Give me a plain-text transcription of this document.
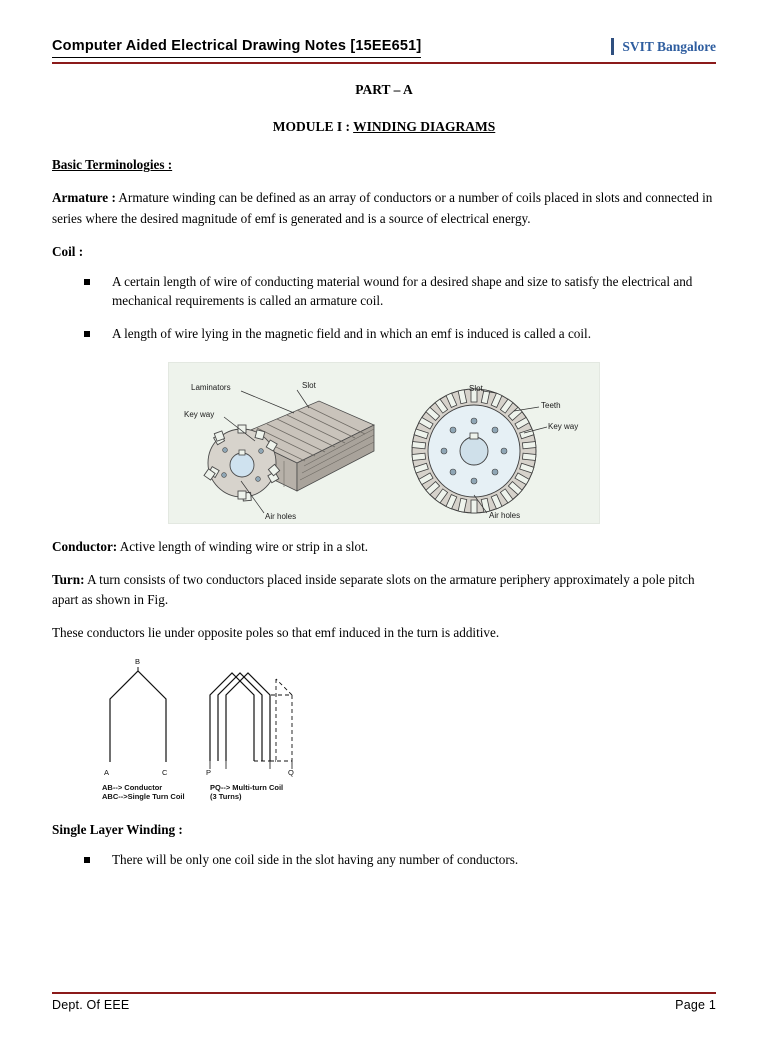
Computer Aided Electrical Drawing Notes [15EE651]	SVIT Bangalore
PART – A
MODULE I : WINDING DIAGRAMS
Basic Terminologies :

Armature : Armature winding can be defined as an array of conductors or a number of coils placed in slots and connected in series where the desired magnitude of emf is generated and is a source of electrical energy.

Coil :

A certain length of wire of conducting material wound for a desired shape and size to satisfy the electrical and mechanical requirements is called an armature coil.
A length of wire lying in the magnetic field and in which an emf is induced is called a coil.
Laminators	Slot
Key way
Air holes
Slot
Teeth
Key way
Air holes

Conductor: Active length of winding wire or strip in a slot.

Turn: A turn consists of two conductors placed inside separate slots on the armature periphery approximately a pole pitch apart as shown in Fig.

These conductors lie under opposite poles so that emf induced in the turn is additive.

B
A	C	P	Q
AB--> Conductor
ABC-->Single Turn Coil
PQ--> Multi-turn Coil
(3 Turns)
Single Layer Winding :
There will be only one coil side in the slot having any number of conductors.
Dept. Of EEE	Page 1
